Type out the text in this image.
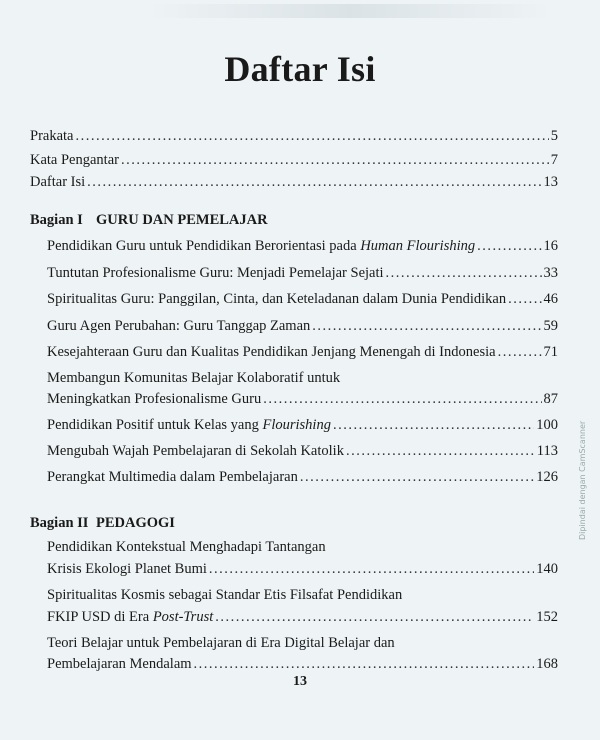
Daftar Isi
Prakata .....	5
Kata Pengantar .....	7
Daftar Isi .....	13
Bagian I GURU DAN PEMELAJAR
Pendidikan Guru untuk Pendidikan Berorientasi pada Human Flourishing .....	16
Tuntutan Profesionalisme Guru: Menjadi Pemelajar Sejati .....	33
Spiritualitas Guru: Panggilan, Cinta, dan Keteladanan dalam Dunia Pendidikan .....	46
Guru Agen Perubahan: Guru Tanggap Zaman .....	59
Kesejahteraan Guru dan Kualitas Pendidikan Jenjang Menengah di Indonesia .....	71
Membangun Komunitas Belajar Kolaboratif untuk
Meningkatkan Profesionalisme Guru .....	87
Pendidikan Positif untuk Kelas yang Flourishing .....	100
Mengubah Wajah Pembelajaran di Sekolah Katolik .....	113
Perangkat Multimedia dalam Pembelajaran .....	126
Bagian II PEDAGOGI
Pendidikan Kontekstual Menghadapi Tantangan
Krisis Ekologi Planet Bumi .....	140
Spiritualitas Kosmis sebagai Standar Etis Filsafat Pendidikan
FKIP USD di Era Post-Trust .....	152
Teori Belajar untuk Pembelajaran di Era Digital Belajar dan
Pembelajaran Mendalam .....	168
13
Dipindai dengan CamScanner
